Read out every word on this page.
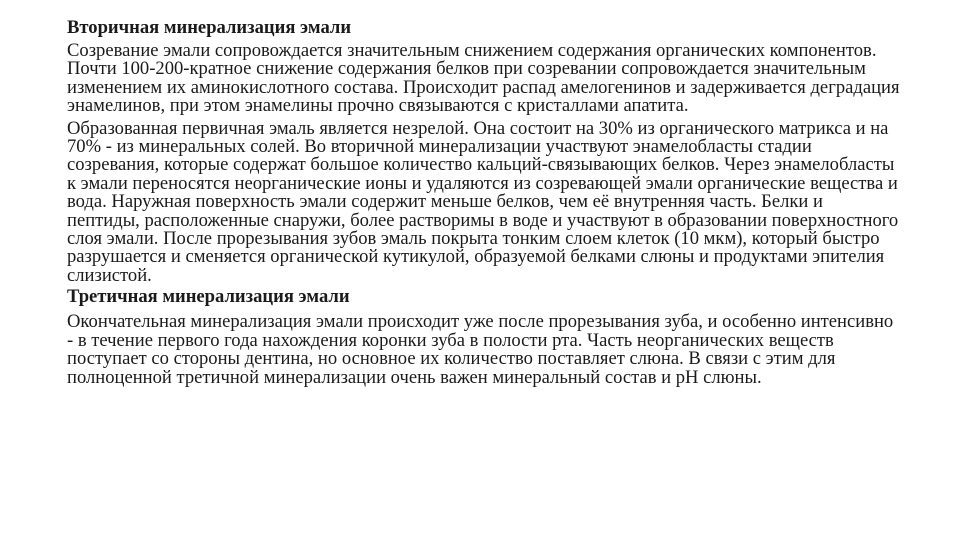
Вторичная минерализация эмали

Созревание эмали сопровождается значительным снижением содержания органических компонентов. Почти 100-200-кратное снижение содержания белков при созревании сопровождается значительным изменением их аминокислотного состава. Происходит распад амелогенинов и задерживается деградация энамелинов, при этом энамелины прочно связываются с кристаллами апатита.

Образованная первичная эмаль является незрелой. Она состоит на 30% из органического матрикса и на 70% - из минеральных солей. Во вторичной минерализации участвуют энамелобласты стадии созревания, которые содержат большое количество кальций-связывающих белков. Через энамелобласты к эмали переносятся неорганические ионы и удаляются из созревающей эмали органические вещества и вода. Наружная поверхность эмали содержит меньше белков, чем её внутренняя часть. Белки и пептиды, расположенные снаружи, более растворимы в воде и участвуют в образовании поверхностного слоя эмали. После прорезывания зубов эмаль покрыта тонким слоем клеток (10 мкм), который быстро разрушается и сменяется органической кутикулой, образуемой белками слюны и продуктами эпителия слизистой.

Третичная минерализация эмали

Окончательная минерализация эмали происходит уже после прорезывания зуба, и особенно интенсивно - в течение первого года нахождения коронки зуба в полости рта. Часть неорганических веществ поступает со стороны дентина, но основное их количество поставляет слюна. В связи с этим для полноценной третичной минерализации очень важен минеральный состав и pH слюны.
